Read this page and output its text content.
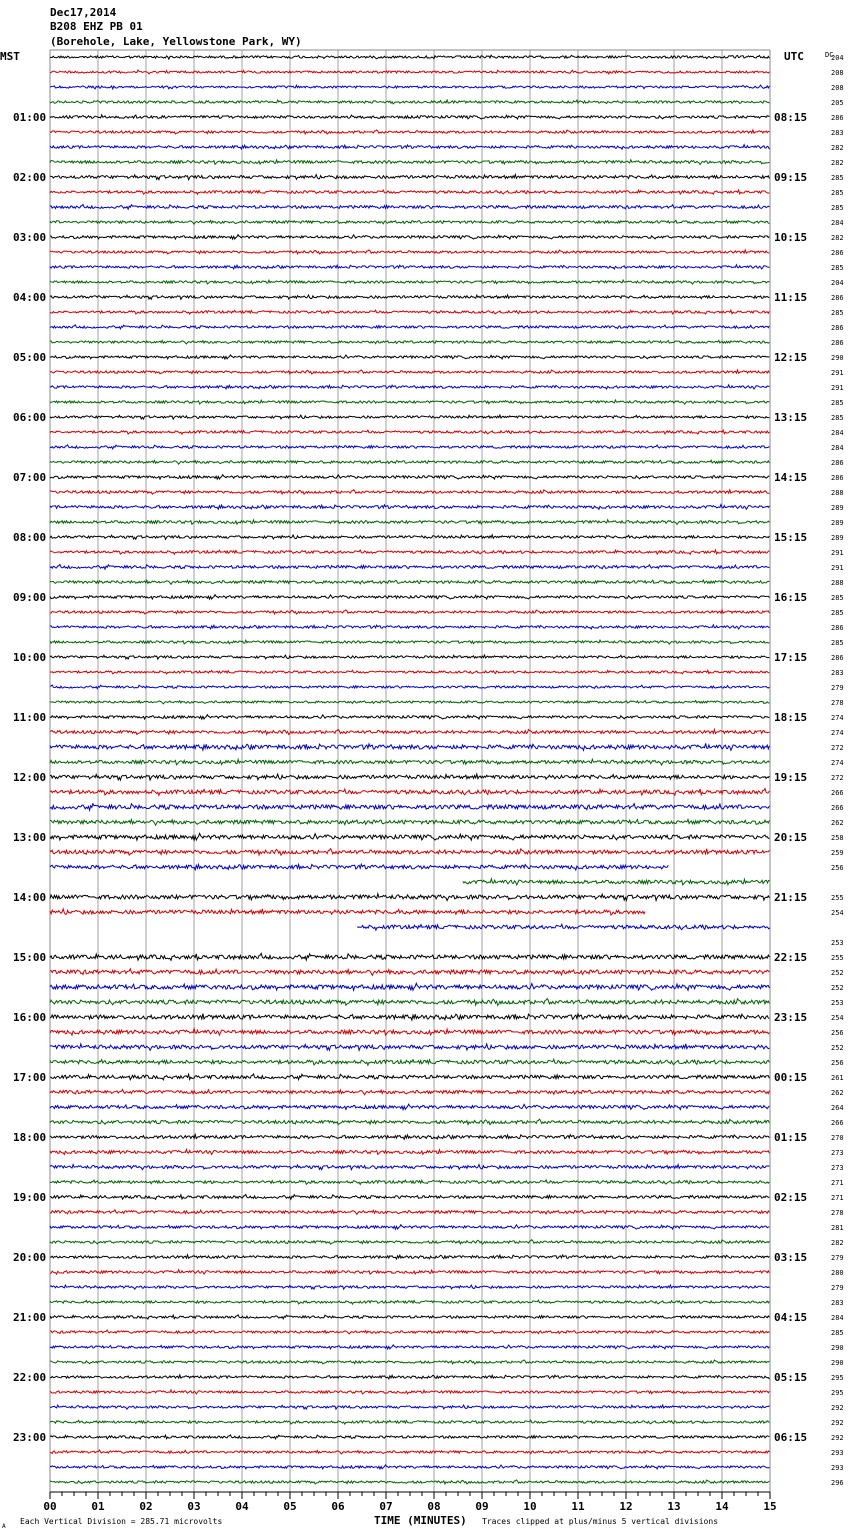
01:00
02:00
03:00
04:00
05:00
06:00
07:00
08:00
09:00
10:00
11:00
12:00
13:00
14:00
15:00
16:00
17:00
18:00
19:00
20:00
21:00
22:00
23:00
08:15
09:15
10:15
11:15
12:15
13:15
14:15
15:15
16:15
17:15
18:15
19:15
20:15
21:15
22:15
23:15
00:15
01:15
02:15
03:15
04:15
05:15
06:15
204
208
208
205
286
283
282
282
285
285
285
284
282
286
285
204
286
285
286
286
290
291
291
285
285
284
284
286
286
288
289
289
289
291
291
288
285
285
286
285
286
283
279
278
274
274
272
274
272
266
266
262
258
259
256
255
254
253
255
252
252
253
254
256
252
256
261
262
264
266
270
273
273
271
271
278
281
282
279
280
279
283
284
285
290
290
295
295
292
292
292
293
293
296
00	01	02	03	04	05	06	07	08	09	10	11	12	13	14	15
Dec17,2014
B208 EHZ PB 01
(Borehole, Lake, Yellowstone Park, WY)
MST	UTC	DC
Each Vertical Division = 285.71 microvolts	TIME (MINUTES) Traces clipped at plus/minus 5 vertical divisions
A
